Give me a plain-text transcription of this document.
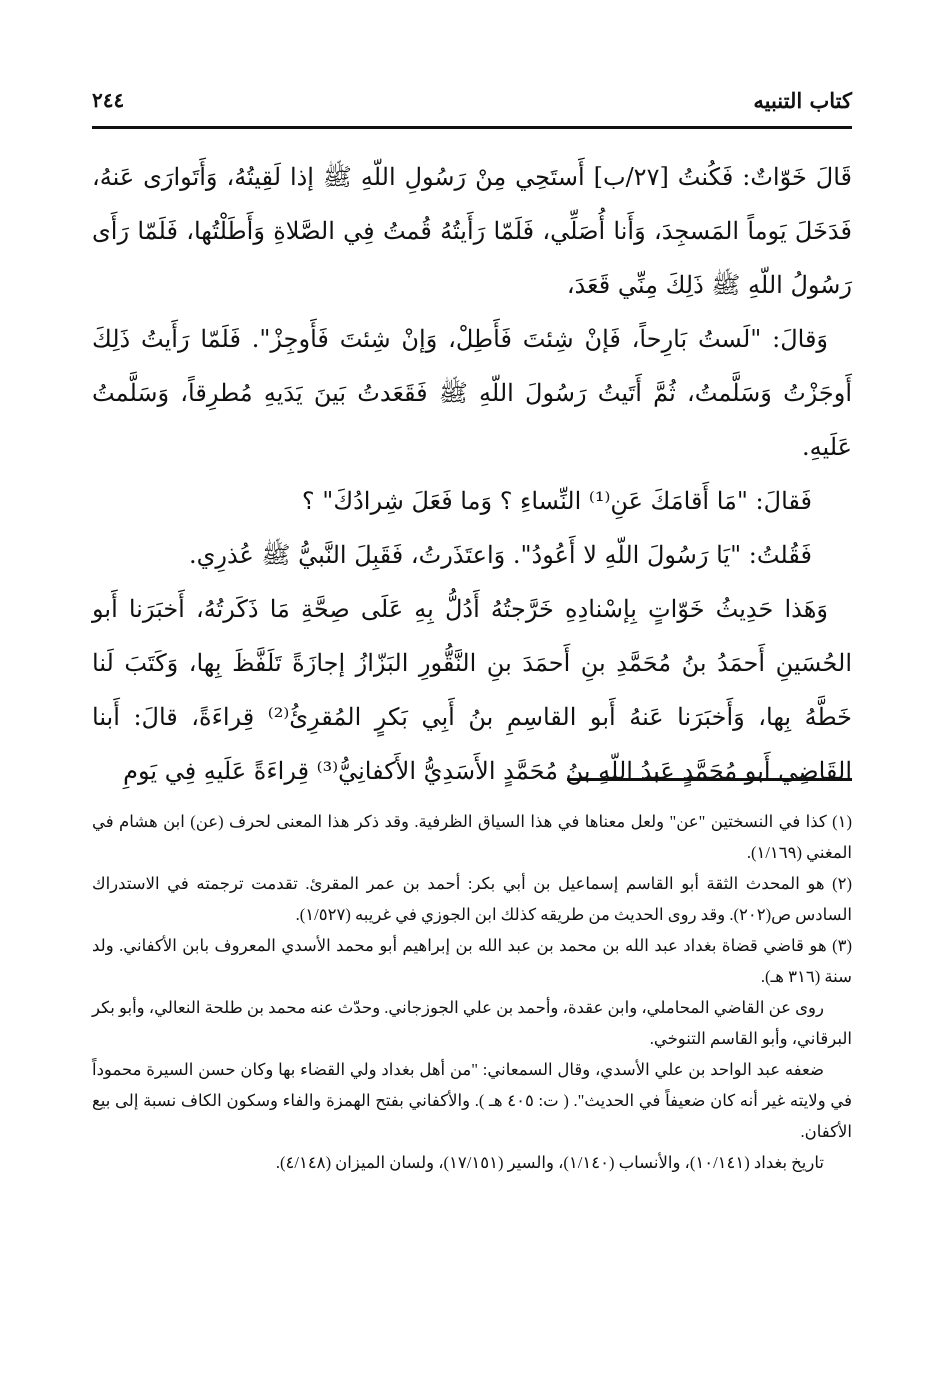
كتاب التنبيه
٢٤٤

قَالَ خَوّاتٌ: فَكُنتُ [٢٧/ب] أَستَحِي مِنْ رَسُولِ اللّهِ ﷺ إذا لَقِيتُهُ، وَأَتَوارَى عَنهُ، فَدَخَلَ يَوماً المَسجِدَ، وَأَنا أُصَلِّي، فَلَمّا رَأَيتُهُ قُمتُ فِي الصَّلاةِ وَأَطَلْتُها، فَلَمّا رَأَى رَسُولُ اللّهِ ﷺ ذَلِكَ مِنِّي قَعَدَ،

وَقالَ: "لَستُ بَارِحاً، فَإنْ شِئتَ فَأَطِلْ، وَإنْ شِئتَ فَأَوجِزْ". فَلَمّا رَأَيتُ ذَلِكَ أَوجَزْتُ وَسَلَّمتُ، ثُمَّ أَتَيتُ رَسُولَ اللّهِ ﷺ فَقَعَدتُ بَينَ يَدَيهِ مُطرِقاً، وَسَلَّمتُ عَلَيهِ.

فَقالَ: "مَا أَقامَكَ عَنِ⁽¹⁾ النِّساءِ ؟ وَما فَعَلَ شِرادُكَ" ؟

فَقُلتُ: "يَا رَسُولَ اللّهِ لا أَعُودُ". وَاعتَذَرتُ، فَقَبِلَ النَّبيُّ ﷺ عُذرِي.

وَهَذا حَدِيثُ خَوّاتٍ بِإسْنادِهِ خَرَّجتُهُ أَدُلُّ بِهِ عَلَى صِحَّةِ مَا ذَكَرتُهُ، أَخبَرَنا أَبو الحُسَينِ أَحمَدُ بنُ مُحَمَّدِ بنِ أَحمَدَ بنِ النَّقُّورِ البَزّازُ إجازَةً تَلَفَّظَ بِها، وَكَتَبَ لَنا خَطَّهُ بِها، وَأَخبَرَنا عَنهُ أَبو القاسِمِ بنُ أَبِي بَكرٍ المُقرِئُ⁽²⁾ قِراءَةً، قالَ: أَبنا القَاضِي أَبو مُحَمَّدٍ عَبدُ اللّهِ بنُ مُحَمَّدٍ الأَسَدِيُّ الأَكفانِيُّ⁽³⁾ قِراءَةً عَلَيهِ فِي يَومِ

(١) كذا في النسختين "عن" ولعل معناها في هذا السياق الظرفية. وقد ذكر هذا المعنى لحرف (عن) ابن هشام في المغني (١/١٦٩).

(٢) هو المحدث الثقة أبو القاسم إسماعيل بن أبي بكر: أحمد بن عمر المقرئ. تقدمت ترجمته في الاستدراك السادس ص(٢٠٢). وقد روى الحديث من طريقه كذلك ابن الجوزي في غريبه (١/٥٢٧).

(٣) هو قاضي قضاة بغداد عبد الله بن محمد بن عبد الله بن إبراهيم أبو محمد الأسدي المعروف بابن الأكفاني. ولد سنة (٣١٦ هـ).

روى عن القاضي المحاملي، وابن عقدة، وأحمد بن علي الجوزجاني. وحدّث عنه محمد بن طلحة النعالي، وأبو بكر البرقاني، وأبو القاسم التنوخي.

ضعفه عبد الواحد بن علي الأسدي، وقال السمعاني: "من أهل بغداد ولي القضاء بها وكان حسن السيرة محموداً في ولايته غير أنه كان ضعيفاً في الحديث". ( ت: ٤٠٥ هـ ). والأكفاني بفتح الهمزة والفاء وسكون الكاف نسبة إلى بيع الأكفان.

تاريخ بغداد (١٠/١٤١)، والأنساب (١/١٤٠)، والسير (١٧/١٥١)، ولسان الميزان (٤/١٤٨).
